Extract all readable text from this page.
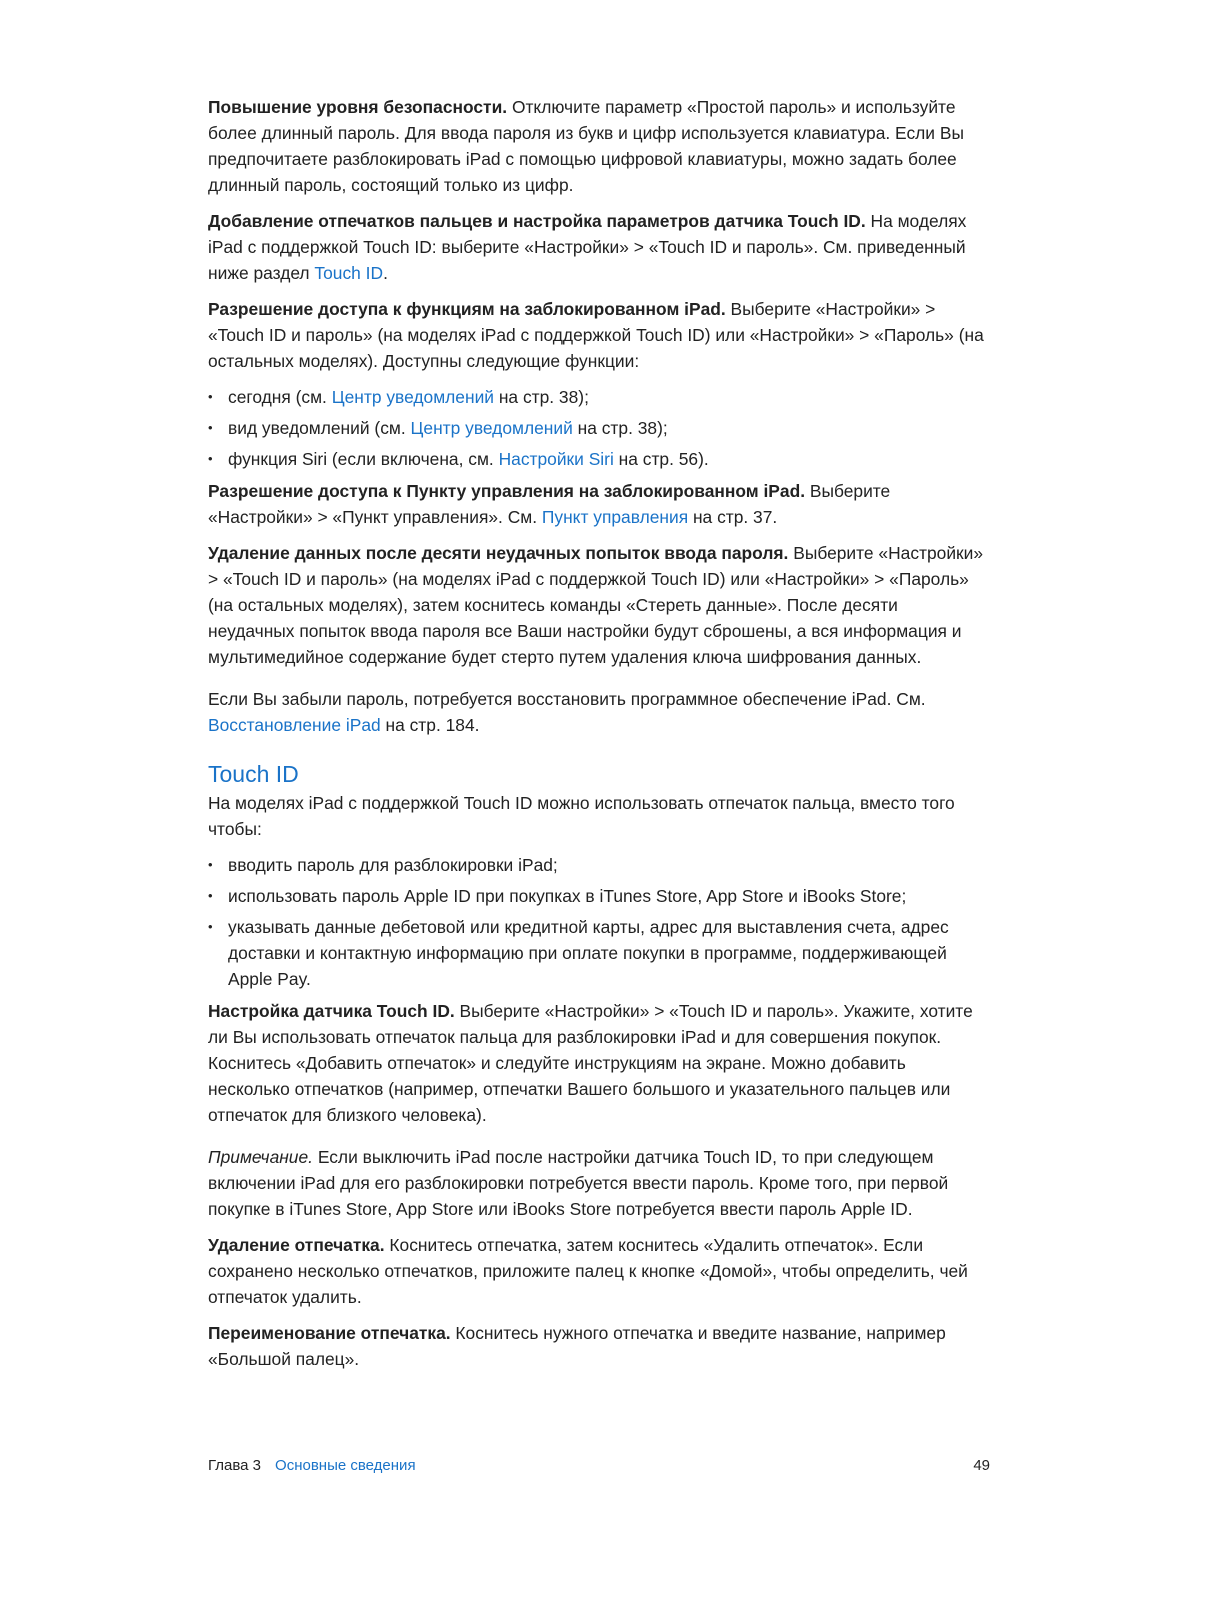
Повышение уровня безопасности. Отключите параметр «Простой пароль» и используйте более длинный пароль. Для ввода пароля из букв и цифр используется клавиатура. Если Вы предпочитаете разблокировать iPad с помощью цифровой клавиатуры, можно задать более длинный пароль, состоящий только из цифр.

Добавление отпечатков пальцев и настройка параметров датчика Touch ID. На моделях iPad с поддержкой Touch ID: выберите «Настройки» > «Touch ID и пароль». См. приведенный ниже раздел Touch ID.

Разрешение доступа к функциям на заблокированном iPad. Выберите «Настройки» > «Touch ID и пароль» (на моделях iPad с поддержкой Touch ID) или «Настройки» > «Пароль» (на остальных моделях). Доступны следующие функции:

• сегодня (см. Центр уведомлений на стр. 38);
• вид уведомлений (см. Центр уведомлений на стр. 38);
• функция Siri (если включена, см. Настройки Siri на стр. 56).

Разрешение доступа к Пункту управления на заблокированном iPad. Выберите «Настройки» > «Пункт управления». См. Пункт управления на стр. 37.

Удаление данных после десяти неудачных попыток ввода пароля. Выберите «Настройки» > «Touch ID и пароль» (на моделях iPad с поддержкой Touch ID) или «Настройки» > «Пароль» (на остальных моделях), затем коснитесь команды «Стереть данные». После десяти неудачных попыток ввода пароля все Ваши настройки будут сброшены, а вся информация и мультимедийное содержание будет стерто путем удаления ключа шифрования данных.

Если Вы забыли пароль, потребуется восстановить программное обеспечение iPad. См. Восстановление iPad на стр. 184.

Touch ID

На моделях iPad с поддержкой Touch ID можно использовать отпечаток пальца, вместо того чтобы:

• вводить пароль для разблокировки iPad;
• использовать пароль Apple ID при покупках в iTunes Store, App Store и iBooks Store;
• указывать данные дебетовой или кредитной карты, адрес для выставления счета, адрес доставки и контактную информацию при оплате покупки в программе, поддерживающей Apple Pay.

Настройка датчика Touch ID. Выберите «Настройки» > «Touch ID и пароль». Укажите, хотите ли Вы использовать отпечаток пальца для разблокировки iPad и для совершения покупок. Коснитесь «Добавить отпечаток» и следуйте инструкциям на экране. Можно добавить несколько отпечатков (например, отпечатки Вашего большого и указательного пальцев или отпечаток для близкого человека).

Примечание. Если выключить iPad после настройки датчика Touch ID, то при следующем включении iPad для его разблокировки потребуется ввести пароль. Кроме того, при первой покупке в iTunes Store, App Store или iBooks Store потребуется ввести пароль Apple ID.

Удаление отпечатка. Коснитесь отпечатка, затем коснитесь «Удалить отпечаток». Если сохранено несколько отпечатков, приложите палец к кнопке «Домой», чтобы определить, чей отпечаток удалить.

Переименование отпечатка. Коснитесь нужного отпечатка и введите название, например «Большой палец».

Глава 3 Основные сведения	49
